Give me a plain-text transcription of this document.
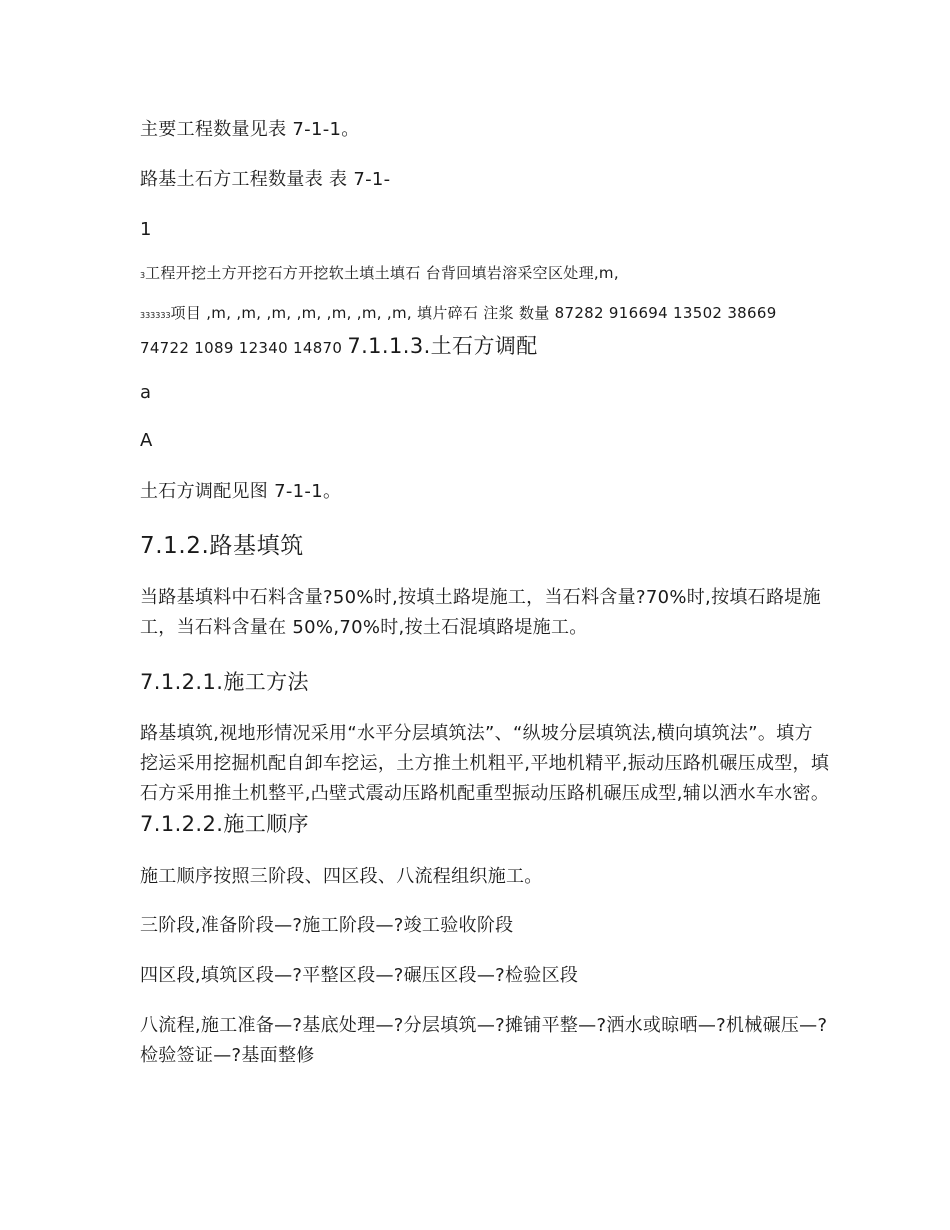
主要工程数量见表 7-1-1。

路基土石方工程数量表 表 7-1-

1

3工程开挖土方开挖石方开挖软土填土填石 台背回填岩溶采空区处理,m,

333333项目 ,m, ,m, ,m, ,m, ,m, ,m, ,m, 填片碎石 注浆 数量 87282 916694 13502 38669 74722 1089 12340 14870 7.1.1.3.土石方调配

a

A

土石方调配见图 7-1-1。

7.1.2.路基填筑

当路基填料中石料含量?50%时,按填土路堤施工，当石料含量?70%时,按填石路堤施工，当石料含量在 50%,70%时,按土石混填路堤施工。

7.1.2.1.施工方法

路基填筑,视地形情况采用“水平分层填筑法”、“纵坡分层填筑法,横向填筑法”。填方挖运采用挖掘机配自卸车挖运，土方推土机粗平,平地机精平,振动压路机碾压成型，填石方采用推土机整平,凸壁式震动压路机配重型振动压路机碾压成型,辅以洒水车水密。 7.1.2.2.施工顺序

施工顺序按照三阶段、四区段、八流程组织施工。

三阶段,准备阶段—?施工阶段—?竣工验收阶段

四区段,填筑区段—?平整区段—?碾压区段—?检验区段

八流程,施工准备—?基底处理—?分层填筑—?摊铺平整—?洒水或晾晒—?机械碾压—?检验签证—?基面整修
